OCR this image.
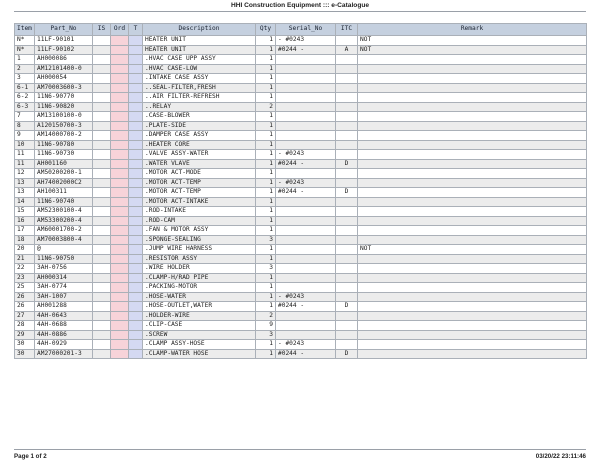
HHI Construction Equipment ::: e-Catalogue
Item	Part_No	IS	Ord	T	Description	Qty	Serial_No	ITC	Remark
N*	11LF-90101				HEATER UNIT	1	- #0243		NOT
N*	11LF-90102				HEATER UNIT	1	#0244 -	A	NOT
1	AH000086				.HVAC CASE UPP ASSY	1			
2	AM12101400-0				.HVAC CASE-LOW	1			
3	AH000054				.INTAKE CASE ASSY	1			
6-1	AM70003600-3				..SEAL-FILTER,FRESH	1			
6-2	11N6-90770				..AIR FILTER-REFRESH	1			
6-3	11N6-90820				..RELAY	2			
7	AM13100100-0				.CASE-BLOWER	1			
8	A120150700-3				.PLATE-SIDE	1			
9	AM14000700-2				.DAMPER CASE ASSY	1			
10	11N6-90780				.HEATER CORE	1			
11	11N6-90730				.VALVE ASSY-WATER	1	- #0243		
11	AH001160				.WATER VLAVE	1	#0244 -	D	
12	AM50200200-1				.MOTOR ACT-MODE	1			
13	AH74002000C2				.MOTOR ACT-TEMP	1	- #0243		
13	AH100311				.MOTOR ACT-TEMP	1	#0244 -	D	
14	11N6-90740				.MOTOR ACT-INTAKE	1			
15	AM52300100-4				.ROD-INTAKE	1			
16	AM53300200-4				.ROD-CAM	1			
17	AM60001700-2				.FAN & MOTOR ASSY	1			
18	AM70003800-4				.SPONGE-SEALING	3			
20	@				.JUMP WIRE HARNESS	1			NOT
21	11N6-90750				.RESISTOR ASSY	1			
22	3AH-0756				.WIRE HOLDER	3			
23	AH000314				.CLAMP-H/RAD PIPE	1			
25	3AH-0774				.PACKING-MOTOR	1			
26	3AH-1007				.HOSE-WATER	1	- #0243		
26	AH001288				.HOSE-OUTLET,WATER	1	#0244 -	D	
27	4AH-0643				.HOLDER-WIRE	2			
28	4AH-0688				.CLIP-CASE	9			
29	4AH-0886				.SCREW	3			
30	4AH-0929				.CLAMP ASSY-HOSE	1	- #0243		
30	AM27000201-3				.CLAMP-WATER HOSE	1	#0244 -	D	
Page 1 of 2	03/20/22 23:11:46
